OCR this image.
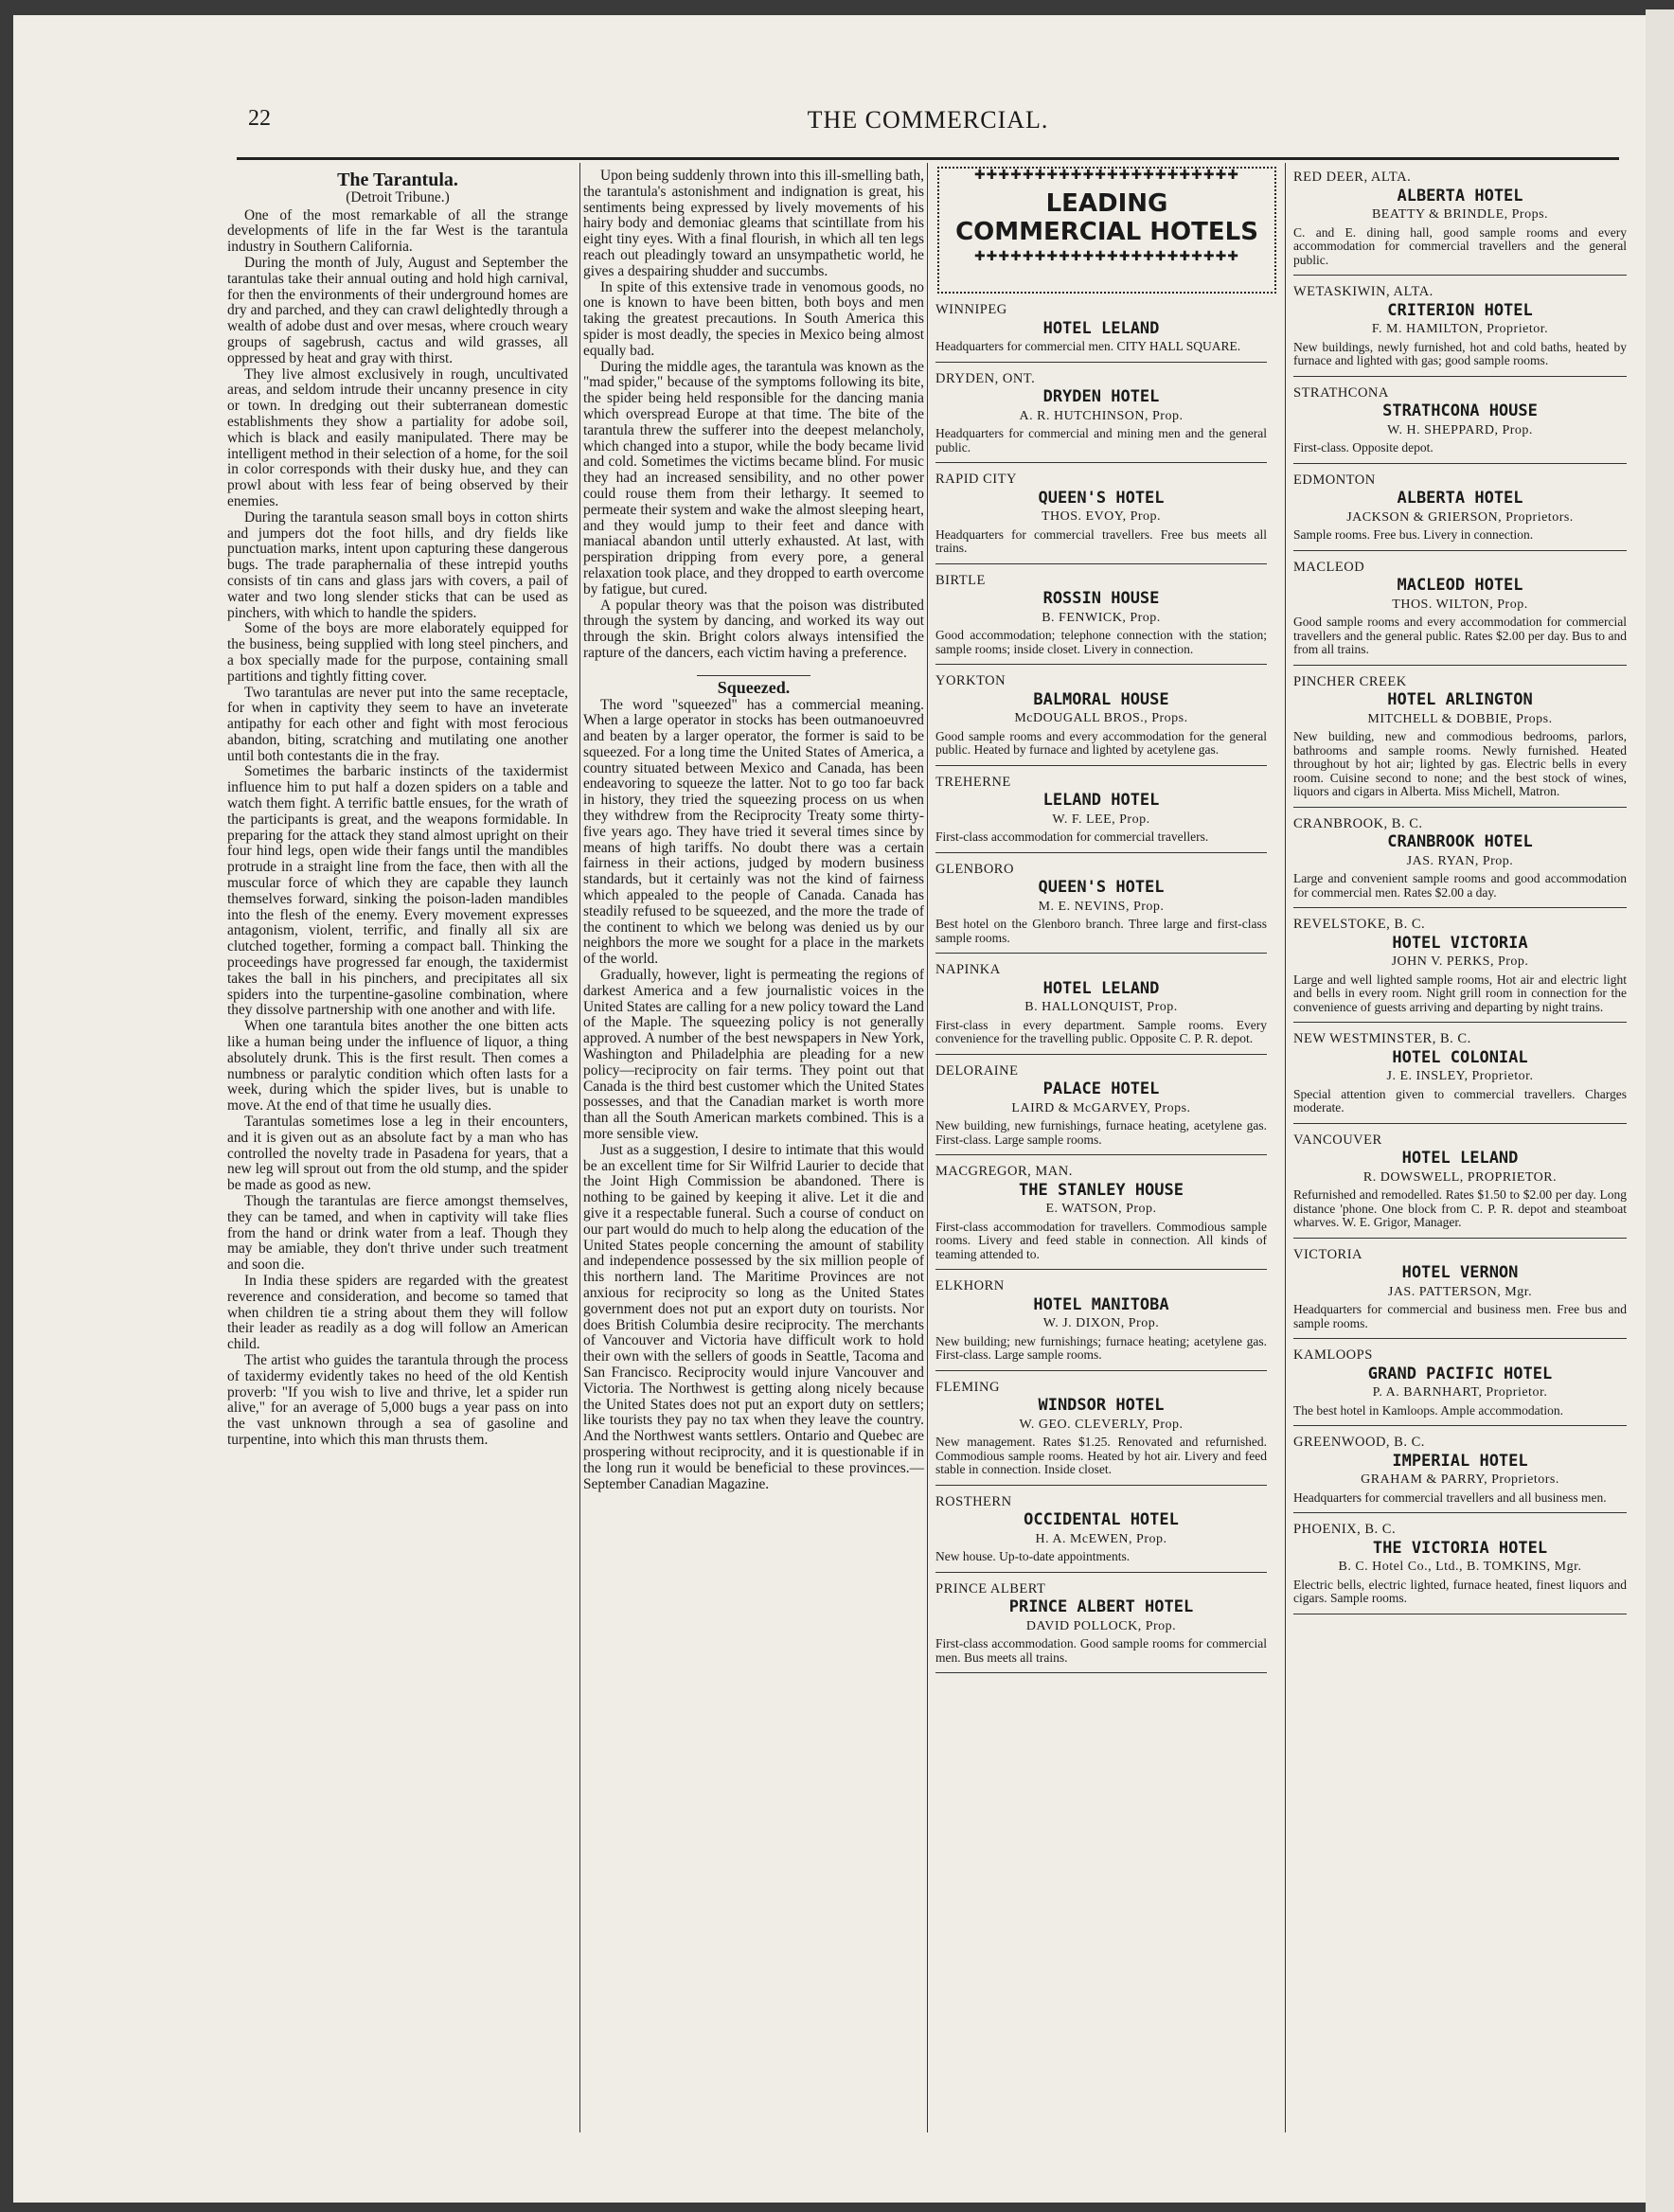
22	THE COMMERCIAL.
The Tarantula.
(Detroit Tribune.)

One of the most remarkable of all the strange developments of life in the far West is the tarantula industry in Southern California.

During the month of July, August and September the tarantulas take their annual outing and hold high carnival, for then the environments of their underground homes are dry and parched, and they can crawl delightedly through a wealth of adobe dust and over mesas, where crouch weary groups of sagebrush, cactus and wild grasses, all oppressed by heat and gray with thirst.

They live almost exclusively in rough, uncultivated areas, and seldom intrude their uncanny presence in city or town. In dredging out their subterranean domestic establishments they show a partiality for adobe soil, which is black and easily manipulated. There may be intelligent method in their selection of a home, for the soil in color corresponds with their dusky hue, and they can prowl about with less fear of being observed by their enemies.

During the tarantula season small boys in cotton shirts and jumpers dot the foot hills, and dry fields like punctuation marks, intent upon capturing these dangerous bugs. The trade paraphernalia of these intrepid youths consists of tin cans and glass jars with covers, a pail of water and two long slender sticks that can be used as pinchers, with which to handle the spiders.

Some of the boys are more elaborately equipped for the business, being supplied with long steel pinchers, and a box specially made for the purpose, containing small partitions and tightly fitting cover.

Two tarantulas are never put into the same receptacle, for when in captivity they seem to have an inveterate antipathy for each other and fight with most ferocious abandon, biting, scratching and mutilating one another until both contestants die in the fray.

Sometimes the barbaric instincts of the taxidermist influence him to put half a dozen spiders on a table and watch them fight. A terrific battle ensues, for the wrath of the participants is great, and the weapons formidable. In preparing for the attack they stand almost upright on their four hind legs, open wide their fangs until the mandibles protrude in a straight line from the face, then with all the muscular force of which they are capable they launch themselves forward, sinking the poison-laden mandibles into the flesh of the enemy. Every movement expresses antagonism, violent, terrific, and finally all six are clutched together, forming a compact ball. Thinking the proceedings have progressed far enough, the taxidermist takes the ball in his pinchers, and precipitates all six spiders into the turpentine-gasoline combination, where they dissolve partnership with one another and with life.

When one tarantula bites another the one bitten acts like a human being under the influence of liquor, a thing absolutely drunk. This is the first result. Then comes a numbness or paralytic condition which often lasts for a week, during which the spider lives, but is unable to move. At the end of that time he usually dies.

Tarantulas sometimes lose a leg in their encounters, and it is given out as an absolute fact by a man who has controlled the novelty trade in Pasadena for years, that a new leg will sprout out from the old stump, and the spider be made as good as new.

Though the tarantulas are fierce amongst themselves, they can be tamed, and when in captivity will take flies from the hand or drink water from a leaf. Though they may be amiable, they don't thrive under such treatment and soon die.

In India these spiders are regarded with the greatest reverence and consideration, and become so tamed that when children tie a string about them they will follow their leader as readily as a dog will follow an American child.

The artist who guides the tarantula through the process of taxidermy evidently takes no heed of the old Kentish proverb: "If you wish to live and thrive, let a spider run alive," for an average of 5,000 bugs a year pass on into the vast unknown through a sea of gasoline and turpentine, into which this man thrusts them.

Upon being suddenly thrown into this ill-smelling bath, the tarantula's astonishment and indignation is great, his sentiments being expressed by lively movements of his hairy body and demoniac gleams that scintillate from his eight tiny eyes. With a final flourish, in which all ten legs reach out pleadingly toward an unsympathetic world, he gives a despairing shudder and succumbs.

In spite of this extensive trade in venomous goods, no one is known to have been bitten, both boys and men taking the greatest precautions. In South America this spider is most deadly, the species in Mexico being almost equally bad.

During the middle ages, the tarantula was known as the "mad spider," because of the symptoms following its bite, the spider being held responsible for the dancing mania which overspread Europe at that time. The bite of the tarantula threw the sufferer into the deepest melancholy, which changed into a stupor, while the body became livid and cold. Sometimes the victims became blind. For music they had an increased sensibility, and no other power could rouse them from their lethargy. It seemed to permeate their system and wake the almost sleeping heart, and they would jump to their feet and dance with maniacal abandon until utterly exhausted. At last, with perspiration dripping from every pore, a general relaxation took place, and they dropped to earth overcome by fatigue, but cured.

A popular theory was that the poison was distributed through the system by dancing, and worked its way out through the skin. Bright colors always intensified the rapture of the dancers, each victim having a preference.

Squeezed.

The word "squeezed" has a commercial meaning. When a large operator in stocks has been outmanoeuvred and beaten by a larger operator, the former is said to be squeezed. For a long time the United States of America, a country situated between Mexico and Canada, has been endeavoring to squeeze the latter. Not to go too far back in history, they tried the squeezing process on us when they withdrew from the Reciprocity Treaty some thirty-five years ago. They have tried it several times since by means of high tariffs. No doubt there was a certain fairness in their actions, judged by modern business standards, but it certainly was not the kind of fairness which appealed to the people of Canada. Canada has steadily refused to be squeezed, and the more the trade of the continent to which we belong was denied us by our neighbors the more we sought for a place in the markets of the world.

Gradually, however, light is permeating the regions of darkest America and a few journalistic voices in the United States are calling for a new policy toward the Land of the Maple. The squeezing policy is not generally approved. A number of the best newspapers in New York, Washington and Philadelphia are pleading for a new policy—reciprocity on fair terms. They point out that Canada is the third best customer which the United States possesses, and that the Canadian market is worth more than all the South American markets combined. This is a more sensible view.

Just as a suggestion, I desire to intimate that this would be an excellent time for Sir Wilfrid Laurier to decide that the Joint High Commission be abandoned. There is nothing to be gained by keeping it alive. Let it die and give it a respectable funeral. Such a course of conduct on our part would do much to help along the education of the United States people concerning the amount of stability and independence possessed by the six million people of this northern land. The Maritime Provinces are not anxious for reciprocity so long as the United States government does not put an export duty on tourists. Nor does British Columbia desire reciprocity. The merchants of Vancouver and Victoria have difficult work to hold their own with the sellers of goods in Seattle, Tacoma and San Francisco. Reciprocity would injure Vancouver and Victoria. The Northwest is getting along nicely because the United States does not put an export duty on settlers; like tourists they pay no tax when they leave the country. And the Northwest wants settlers. Ontario and Quebec are prospering without reciprocity, and it is questionable if in the long run it would be beneficial to these provinces.—September Canadian Magazine.

✚✚✚✚✚✚✚✚✚✚✚✚✚✚✚✚✚✚✚✚✚✚
LEADING
COMMERCIAL HOTELS
✚✚✚✚✚✚✚✚✚✚✚✚✚✚✚✚✚✚✚✚✚✚
WINNIPEG
HOTEL LELAND
Headquarters for commercial men. CITY HALL SQUARE.
DRYDEN, ONT.
DRYDEN HOTEL
A. R. HUTCHINSON, Prop.
Headquarters for commercial and mining men and the general public.
RAPID CITY
QUEEN'S HOTEL
THOS. EVOY, Prop.
Headquarters for commercial travellers. Free bus meets all trains.
BIRTLE
ROSSIN HOUSE
B. FENWICK, Prop.
Good accommodation; telephone connection with the station; sample rooms; inside closet. Livery in connection.
YORKTON
BALMORAL HOUSE
McDOUGALL BROS., Props.
Good sample rooms and every accommodation for the general public. Heated by furnace and lighted by acetylene gas.
TREHERNE
LELAND HOTEL
W. F. LEE, Prop.
First-class accommodation for commercial travellers.
GLENBORO
QUEEN'S HOTEL
M. E. NEVINS, Prop.
Best hotel on the Glenboro branch. Three large and first-class sample rooms.
NAPINKA
HOTEL LELAND
B. HALLONQUIST, Prop.
First-class in every department. Sample rooms. Every convenience for the travelling public. Opposite C. P. R. depot.
DELORAINE
PALACE HOTEL
LAIRD & McGARVEY, Props.
New building, new furnishings, furnace heating, acetylene gas. First-class. Large sample rooms.
MACGREGOR, MAN.
THE STANLEY HOUSE
E. WATSON, Prop.
First-class accommodation for travellers. Commodious sample rooms. Livery and feed stable in connection. All kinds of teaming attended to.
ELKHORN
HOTEL MANITOBA
W. J. DIXON, Prop.
New building; new furnishings; furnace heating; acetylene gas. First-class. Large sample rooms.
FLEMING
WINDSOR HOTEL
W. GEO. CLEVERLY, Prop.
New management. Rates $1.25. Renovated and refurnished. Commodious sample rooms. Heated by hot air. Livery and feed stable in connection. Inside closet.
ROSTHERN
OCCIDENTAL HOTEL
H. A. McEWEN, Prop.
New house. Up-to-date appointments.
PRINCE ALBERT
PRINCE ALBERT HOTEL
DAVID POLLOCK, Prop.
First-class accommodation. Good sample rooms for commercial men. Bus meets all trains.
RED DEER, ALTA.
ALBERTA HOTEL
BEATTY & BRINDLE, Props.
C. and E. dining hall, good sample rooms and every accommodation for commercial travellers and the general public.
WETASKIWIN, ALTA.
CRITERION HOTEL
F. M. HAMILTON, Proprietor.
New buildings, newly furnished, hot and cold baths, heated by furnace and lighted with gas; good sample rooms.
STRATHCONA
STRATHCONA HOUSE
W. H. SHEPPARD, Prop.
First-class. Opposite depot.
EDMONTON
ALBERTA HOTEL
JACKSON & GRIERSON, Proprietors.
Sample rooms. Free bus. Livery in connection.
MACLEOD
MACLEOD HOTEL
THOS. WILTON, Prop.
Good sample rooms and every accommodation for commercial travellers and the general public. Rates $2.00 per day. Bus to and from all trains.
PINCHER CREEK
HOTEL ARLINGTON
MITCHELL & DOBBIE, Props.
New building, new and commodious bedrooms, parlors, bathrooms and sample rooms. Newly furnished. Heated throughout by hot air; lighted by gas. Electric bells in every room. Cuisine second to none; and the best stock of wines, liquors and cigars in Alberta. Miss Michell, Matron.
CRANBROOK, B. C.
CRANBROOK HOTEL
JAS. RYAN, Prop.
Large and convenient sample rooms and good accommodation for commercial men. Rates $2.00 a day.
REVELSTOKE, B. C.
HOTEL VICTORIA
JOHN V. PERKS, Prop.
Large and well lighted sample rooms, Hot air and electric light and bells in every room. Night grill room in connection for the convenience of guests arriving and departing by night trains.
NEW WESTMINSTER, B. C.
HOTEL COLONIAL
J. E. INSLEY, Proprietor.
Special attention given to commercial travellers. Charges moderate.
VANCOUVER
HOTEL LELAND
R. DOWSWELL, PROPRIETOR.
Refurnished and remodelled. Rates $1.50 to $2.00 per day. Long distance 'phone. One block from C. P. R. depot and steamboat wharves. W. E. Grigor, Manager.
VICTORIA
HOTEL VERNON
JAS. PATTERSON, Mgr.
Headquarters for commercial and business men. Free bus and sample rooms.
KAMLOOPS
GRAND PACIFIC HOTEL
P. A. BARNHART, Proprietor.
The best hotel in Kamloops. Ample accommodation.
GREENWOOD, B. C.
IMPERIAL HOTEL
GRAHAM & PARRY, Proprietors.
Headquarters for commercial travellers and all business men.
PHOENIX, B. C.
THE VICTORIA HOTEL
B. C. Hotel Co., Ltd., B. TOMKINS, Mgr.
Electric bells, electric lighted, furnace heated, finest liquors and cigars. Sample rooms.
